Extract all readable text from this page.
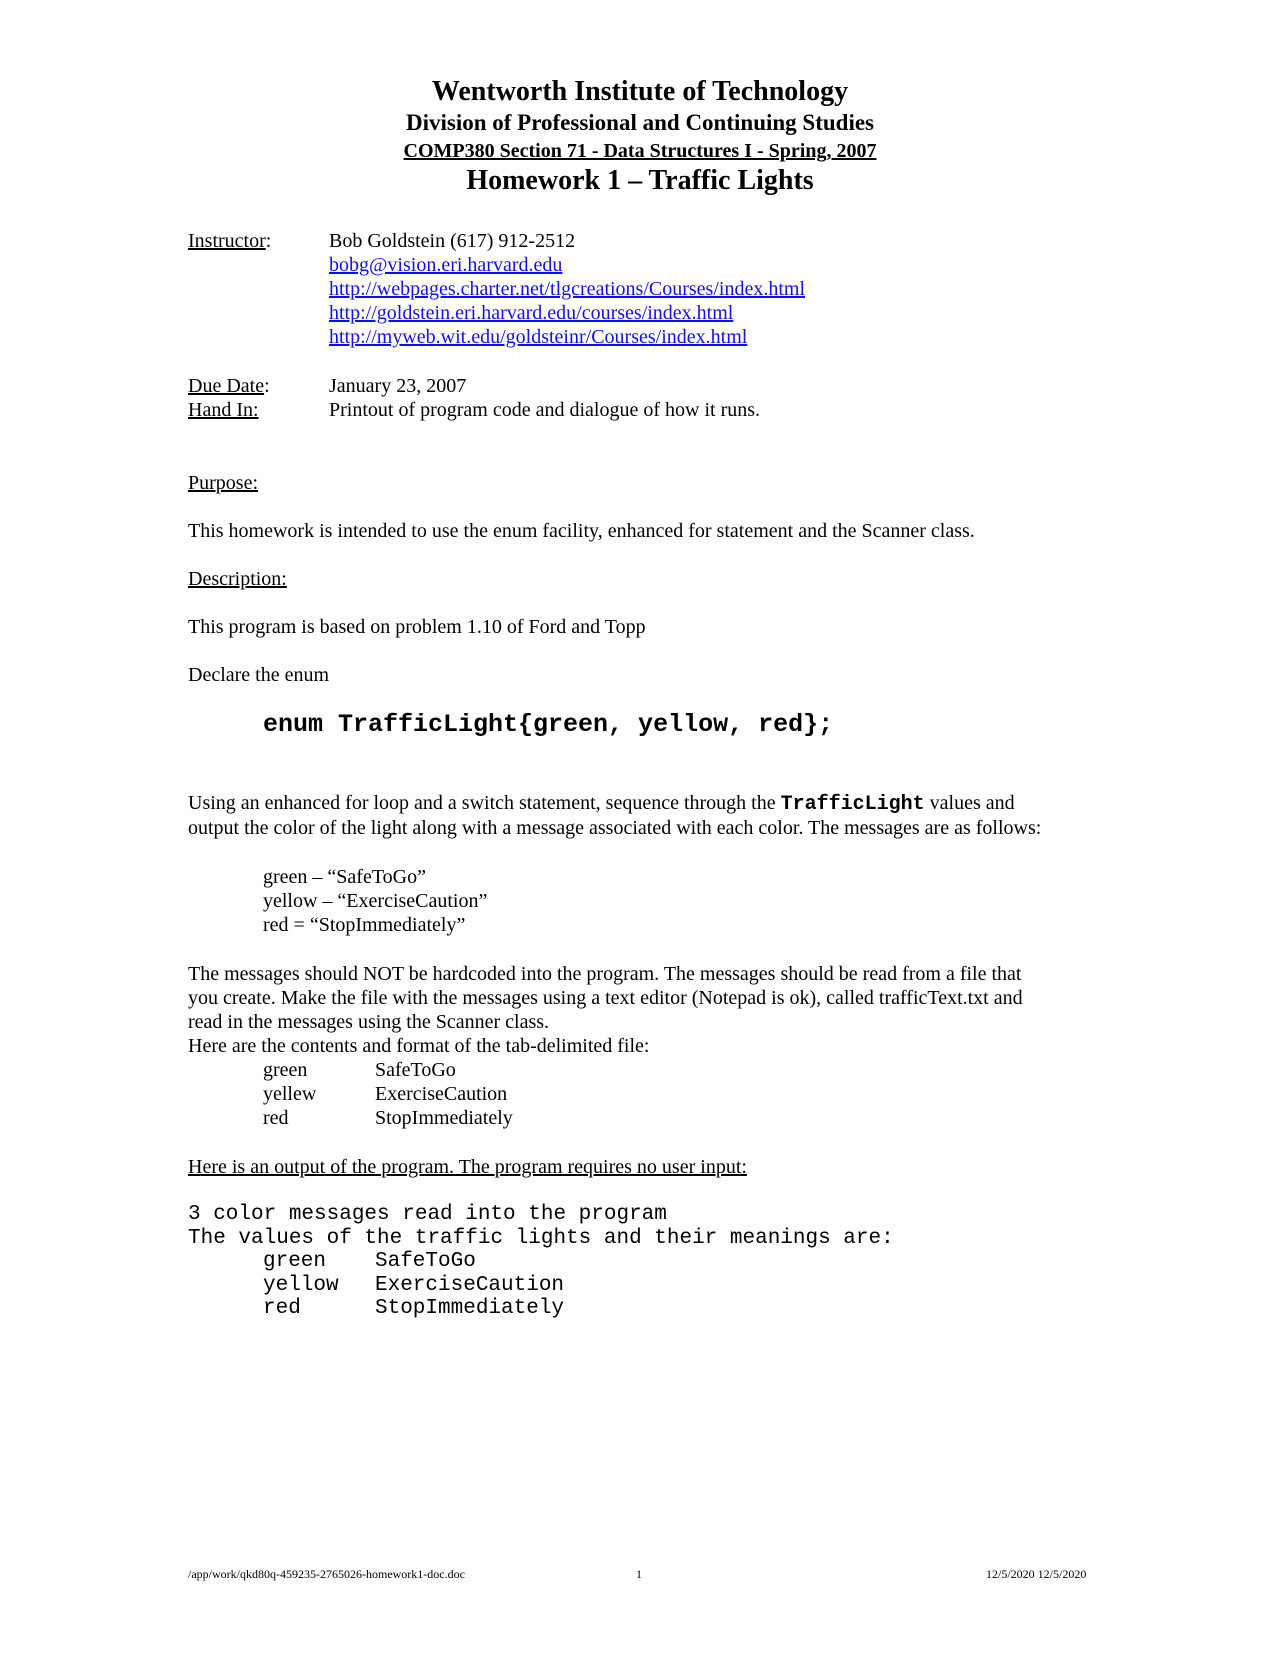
Wentworth Institute of Technology
Division of Professional and Continuing Studies
COMP380 Section 71 - Data Structures I - Spring, 2007
Homework 1 – Traffic Lights
Instructor:	Bob Goldstein (617) 912-2512
bobg@vision.eri.harvard.edu
http://webpages.charter.net/tlgcreations/Courses/index.html
http://goldstein.eri.harvard.edu/courses/index.html
http://myweb.wit.edu/goldsteinr/Courses/index.html
Due Date:	January 23, 2007
Hand In:	Printout of program code and dialogue of how it runs.
Purpose:
This homework is intended to use the enum facility, enhanced for statement and the Scanner class.
Description:
This program is based on problem 1.10 of Ford and Topp
Declare the enum
enum TrafficLight{green, yellow, red};
Using an enhanced for loop and a switch statement, sequence through the TrafficLight values and
output the color of the light along with a message associated with each color. The messages are as follows:
green – “SafeToGo”
yellow – “ExerciseCaution”
red = “StopImmediately”
The messages should NOT be hardcoded into the program. The messages should be read from a file that
you create. Make the file with the messages using a text editor (Notepad is ok), called trafficText.txt and
read in the messages using the Scanner class.
Here are the contents and format of the tab-delimited file:
green	SafeToGo
yellew	ExerciseCaution
red	StopImmediately
Here is an output of the program. The program requires no user input:
3 color messages read into the program
The values of the traffic lights and their meanings are:
green SafeToGo
yellow ExerciseCaution
red	StopImmediately
/app/work/qkd80q-459235-2765026-homework1-doc.doc	1	12/5/2020 12/5/2020
